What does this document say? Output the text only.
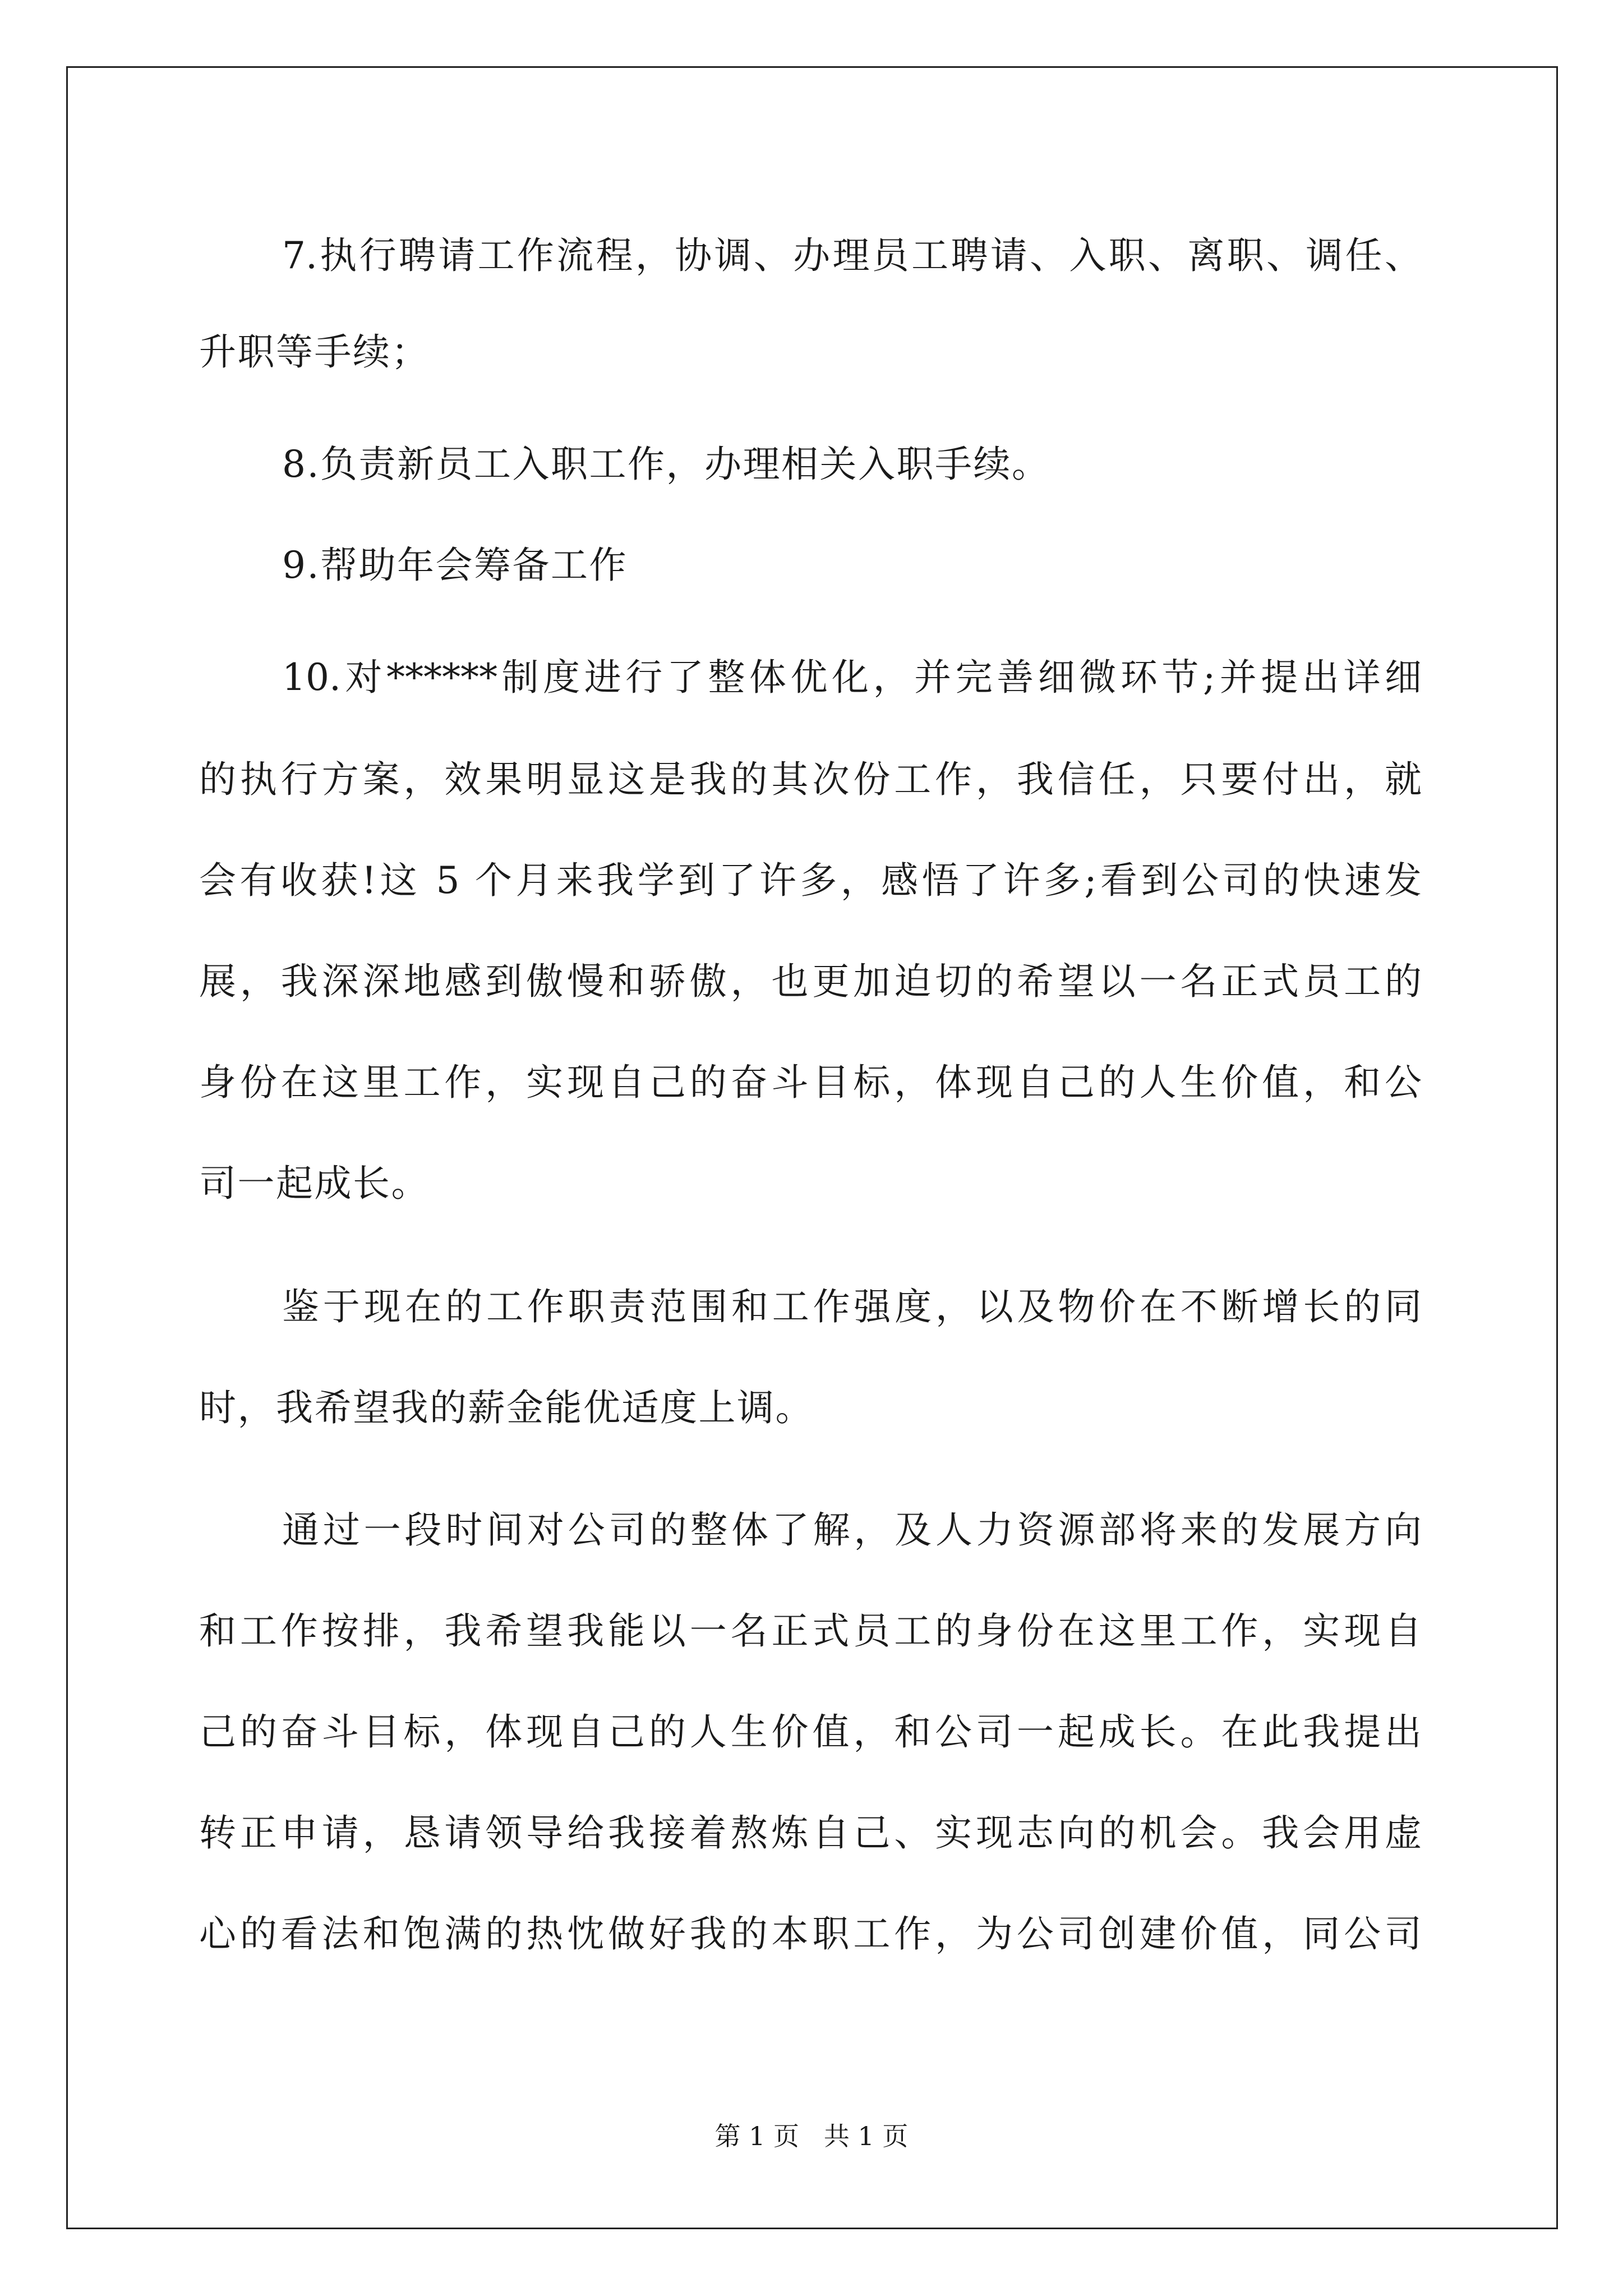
7.执行聘请工作流程，协调、办理员工聘请、入职、离职、调任、
升职等手续；
8.负责新员工入职工作，办理相关入职手续。
9.帮助年会筹备工作
10.对******制度进行了整体优化，并完善细微环节;并提出详细
的执行方案，效果明显这是我的其次份工作，我信任，只要付出，就
会有收获!这 5 个月来我学到了许多，感悟了许多;看到公司的快速发
展，我深深地感到傲慢和骄傲，也更加迫切的希望以一名正式员工的
身份在这里工作，实现自己的奋斗目标，体现自己的人生价值，和公
司一起成长。
鉴于现在的工作职责范围和工作强度，以及物价在不断增长的同
时，我希望我的薪金能优适度上调。
通过一段时间对公司的整体了解，及人力资源部将来的发展方向
和工作按排，我希望我能以一名正式员工的身份在这里工作，实现自
己的奋斗目标，体现自己的人生价值，和公司一起成长。在此我提出
转正申请，恳请领导给我接着熬炼自己、实现志向的机会。我会用虚
心的看法和饱满的热忱做好我的本职工作，为公司创建价值，同公司
第 1 页   共 1 页
